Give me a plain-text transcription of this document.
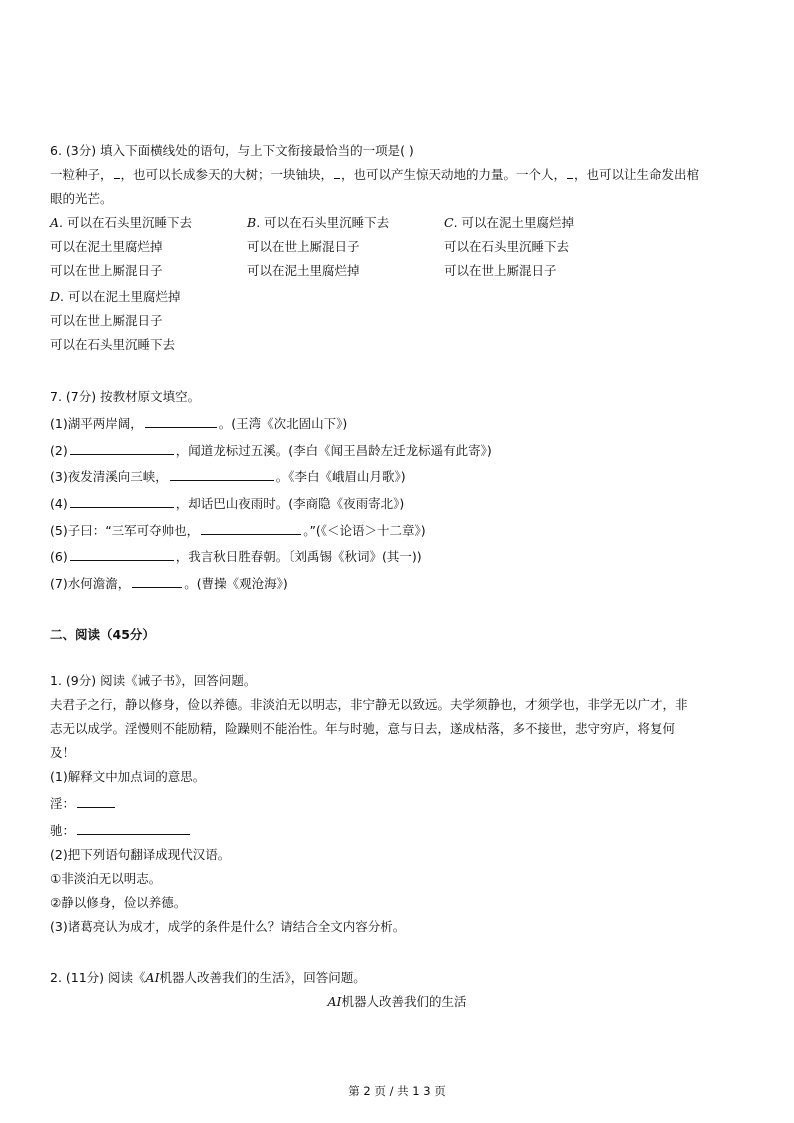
6. (3分) 填入下面横线处的语句，与上下文衔接最恰当的一项是( )
一粒种子， ，也可以长成参天的大树；一块铀块， ，也可以产生惊天动地的力量。一个人， ，也可以让生命发出棺
眼的光芒。
A. 可以在石头里沉睡下去
可以在泥土里腐烂掉
可以在世上厮混日子
B. 可以在石头里沉睡下去
可以在世上厮混日子
可以在泥土里腐烂掉
C. 可以在泥土里腐烂掉
可以在石头里沉睡下去
可以在世上厮混日子
D. 可以在泥土里腐烂掉
可以在世上厮混日子
可以在石头里沉睡下去
7. (7分) 按教材原文填空。
(1)湖平两岸阔，	。(王湾《次北固山下》)
(2)	，闻道龙标过五溪。(李白《闻王昌龄左迁龙标遥有此寄》)
(3)夜发清溪向三峡，	。《李白《峨眉山月歌》)
(4)	，却话巴山夜雨时。(李商隐《夜雨寄北》)
(5)子曰：“三军可夺帅也，	。”(《＜论语＞十二章》)
(6)	，我言秋日胜春朝。〔刘禹锡《秋词》(其一))
(7)水何澹澹，	。(曹操《观沧海》)
二、阅读（45分）
1. (9分) 阅读《诫子书》，回答问题。
夫君子之行，静以修身，俭以养德。非淡泊无以明志，非宁静无以致远。夫学须静也，才须学也，非学无以广才，非
志无以成学。淫慢则不能励精，险躁则不能治性。年与时驰，意与日去，遂成枯落，多不接世，悲守穷庐，将复何
及！
(1)解释文中加点词的意思。
淫：
驰：
(2)把下列语句翻译成现代汉语。
①非淡泊无以明志。
②静以修身，俭以养德。
(3)诸葛亮认为成才，成学的条件是什么？请结合全文内容分析。
2. (11分) 阅读《AI机器人改善我们的生活》，回答问题。
AI机器人改善我们的生活
第 2 页 / 共 1 3 页
